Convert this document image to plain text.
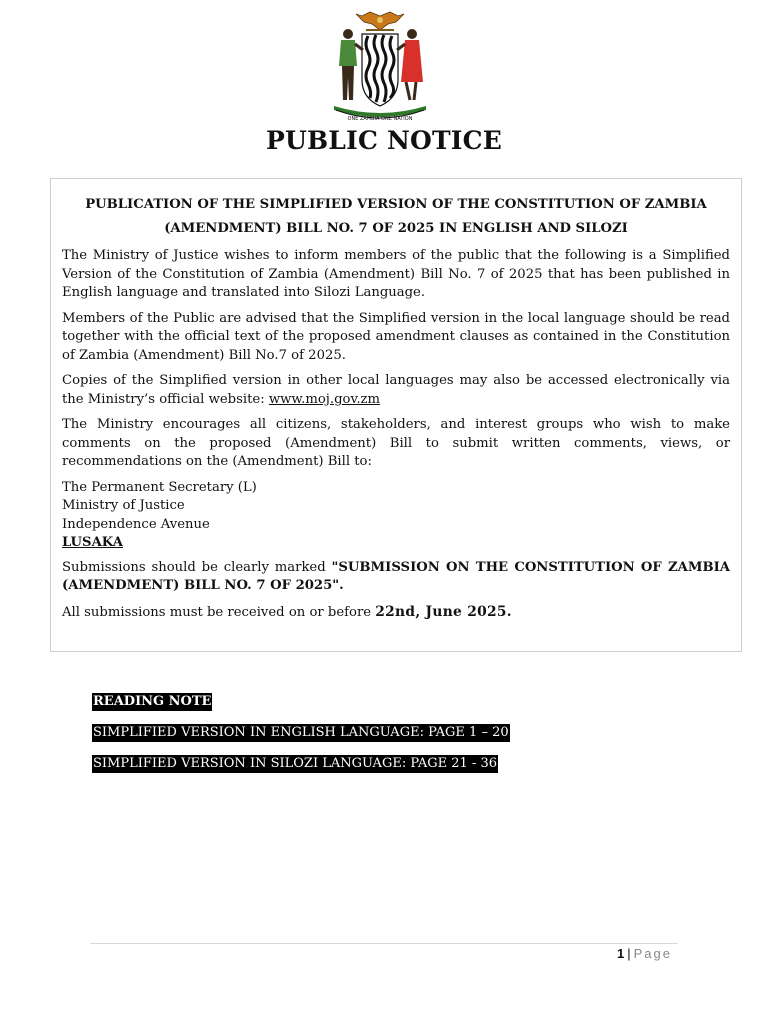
ONE ZAMBIA ONE NATION
PUBLIC NOTICE
PUBLICATION OF THE SIMPLIFIED VERSION OF THE CONSTITUTION OF ZAMBIA
(AMENDMENT) BILL NO. 7 OF 2025 IN ENGLISH AND SILOZI

The Ministry of Justice wishes to inform members of the public that the following is a Simplified Version of the Constitution of Zambia (Amendment) Bill No. 7 of 2025 that has been published in English language and translated into Silozi Language.

Members of the Public are advised that the Simplified version in the local language should be read together with the official text of the proposed amendment clauses as contained in the Constitution of Zambia (Amendment) Bill No.7 of 2025.

Copies of the Simplified version in other local languages may also be accessed electronically via the Ministry’s official website: www.moj.gov.zm

The Ministry encourages all citizens, stakeholders, and interest groups who wish to make comments on the proposed (Amendment) Bill to submit written comments, views, or recommendations on the (Amendment) Bill to:

The Permanent Secretary (L)
Ministry of Justice
Independence Avenue
LUSAKA

Submissions should be clearly marked "SUBMISSION ON THE CONSTITUTION OF ZAMBIA (AMENDMENT) BILL NO. 7 OF 2025".

All submissions must be received on or before 22nd, June 2025.

READING NOTE
SIMPLIFIED VERSION IN ENGLISH LANGUAGE: PAGE 1 – 20
SIMPLIFIED VERSION IN SILOZI LANGUAGE: PAGE 21 - 36
1 | Page
